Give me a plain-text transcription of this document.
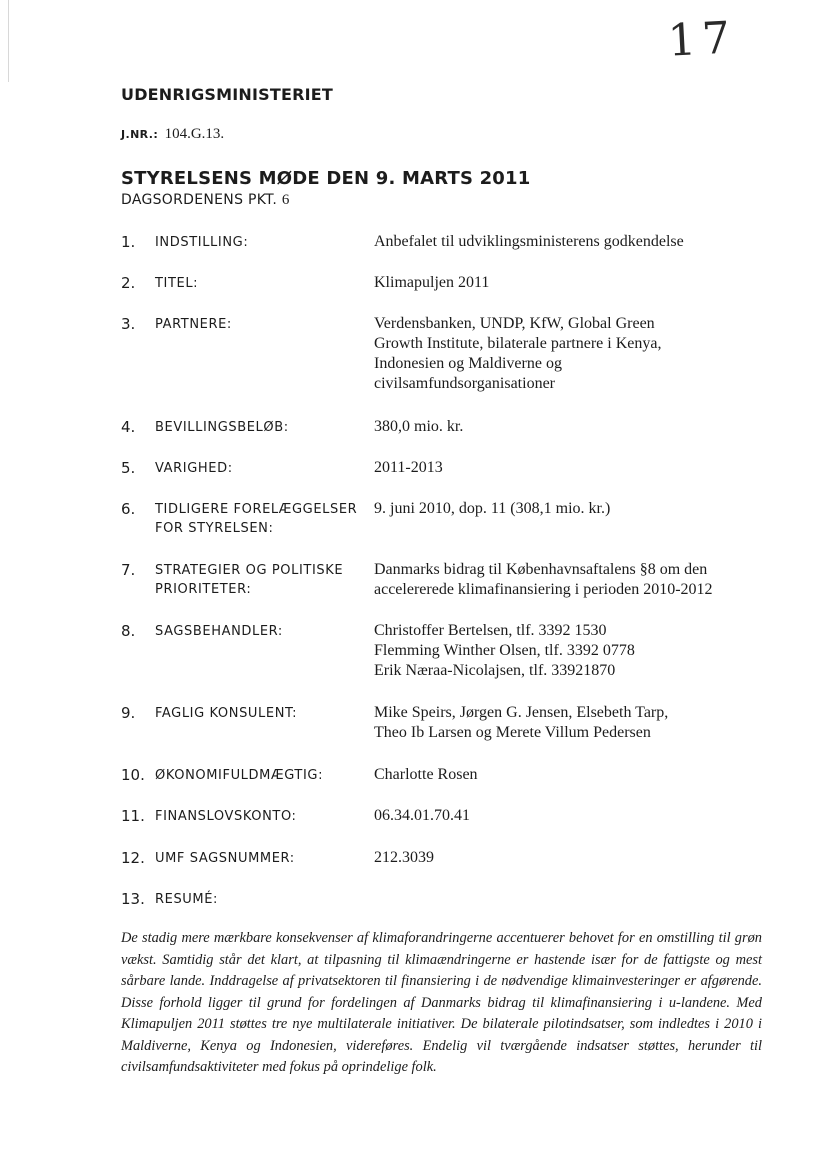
17
UDENRIGSMINISTERIET
J.NR.: 104.G.13.
STYRELSENS MØDE DEN 9. MARTS 2011
DAGSORDENENS PKT. 6
1. INDSTILLING:	Anbefalet til udviklingsministerens godkendelse
2. TITEL:	Klimapuljen 2011
3. PARTNERE:	Verdensbanken, UNDP, KfW, Global Green
Growth Institute, bilaterale partnere i Kenya,
Indonesien og Maldiverne og
civilsamfundsorganisationer
4. BEVILLINGSBELØB:	380,0 mio. kr.
5. VARIGHED:	2011-2013
6. TIDLIGERE FORELÆGGELSER FOR STYRELSEN:
9. juni 2010, dop. 11 (308,1 mio. kr.)
7. STRATEGIER OG POLITISKE PRIORITETER:
Danmarks bidrag til Københavnsaftalens §8 om den
accelererede klimafinansiering i perioden 2010-2012
8. SAGSBEHANDLER:	Christoffer Bertelsen, tlf. 3392 1530
Flemming Winther Olsen, tlf. 3392 0778
Erik Næraa-Nicolajsen, tlf. 33921870
9. FAGLIG KONSULENT:	Mike Speirs, Jørgen G. Jensen, Elsebeth Tarp,
Theo Ib Larsen og Merete Villum Pedersen
10. ØKONOMIFULDMÆGTIG:	Charlotte Rosen
11. FINANSLOVSKONTO:	06.34.01.70.41
12. UMF SAGSNUMMER:	212.3039
13. RESUMÉ:
De stadig mere mærkbare konsekvenser af klimaforandringerne accentuerer behovet for en omstilling til grøn vækst. Samtidig står det klart, at tilpasning til klimaændringerne er hastende især for de fattigste og mest sårbare lande. Inddragelse af privatsektoren til finansiering i de nødvendige klimainvesteringer er afgørende. Disse forhold ligger til grund for fordelingen af Danmarks bidrag til klimafinansiering i u-landene. Med Klimapuljen 2011 støttes tre nye multilaterale initiativer. De bilaterale pilotindsatser, som indledtes i 2010 i Maldiverne, Kenya og Indonesien, videreføres. Endelig vil tværgående indsatser støttes, herunder til civilsamfundsaktiviteter med fokus på oprindelige folk.
